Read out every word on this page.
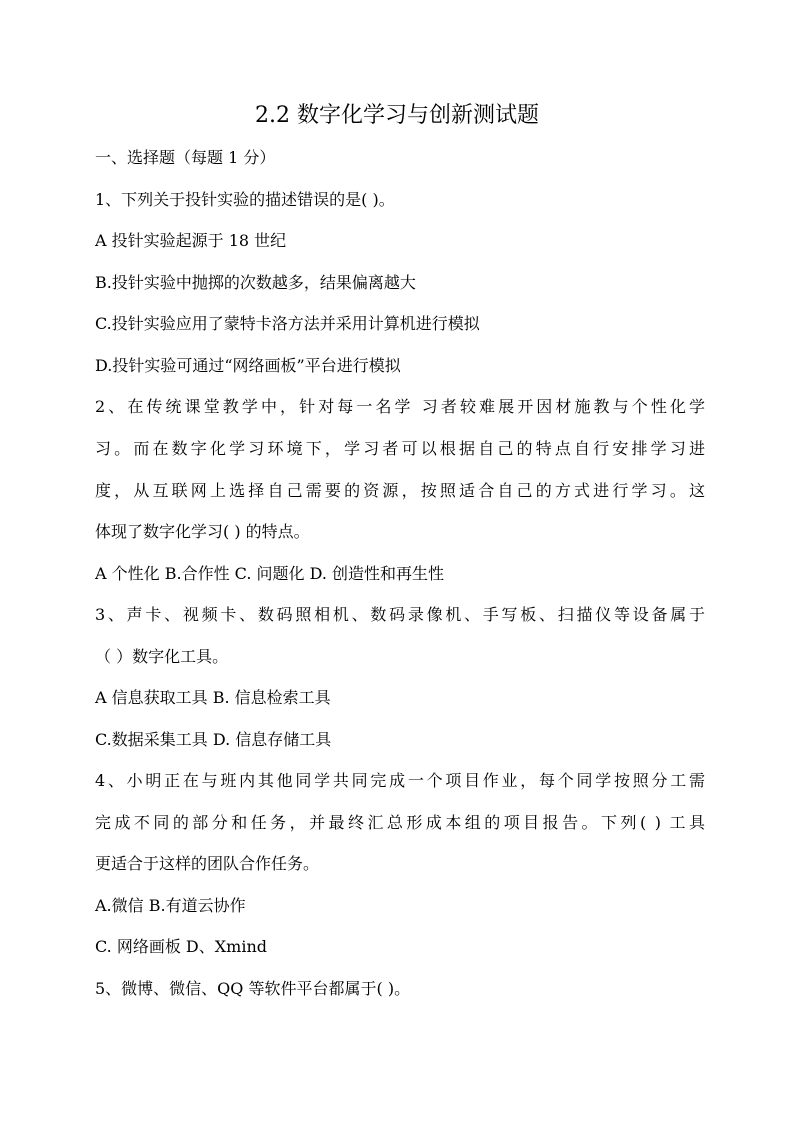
2.2 数字化学习与创新测试题
一、选择题（每题 1 分）
1、下列关于投针实验的描述错误的是( )。
A 投针实验起源于 18 世纪
B.投针实验中抛掷的次数越多，结果偏离越大
C.投针实验应用了蒙特卡洛方法并采用计算机进行模拟
D.投针实验可通过“网络画板”平台进行模拟
2、在传统课堂教学中，针对每一名学 习者较难展开因材施教与个性化学
习。而在数字化学习环境下，学习者可以根据自己的特点自行安排学习进
度，从互联网上选择自己需要的资源，按照适合自己的方式进行学习。这
体现了数字化学习( ) 的特点。
A 个性化 B.合作性 C. 问题化 D. 创造性和再生性
3、声卡、视频卡、数码照相机、数码录像机、手写板、扫描仪等设备属于
（ ）数字化工具。
A 信息获取工具 B. 信息检索工具
C.数据采集工具 D. 信息存储工具
4、小明正在与班内其他同学共同完成一个项目作业，每个同学按照分工需
完成不同的部分和任务，并最终汇总形成本组的项目报告。下列( ) 工具
更适合于这样的团队合作任务。
A.微信 B.有道云协作
C. 网络画板 D、Xmind
5、微博、微信、QQ 等软件平台都属于( )。
